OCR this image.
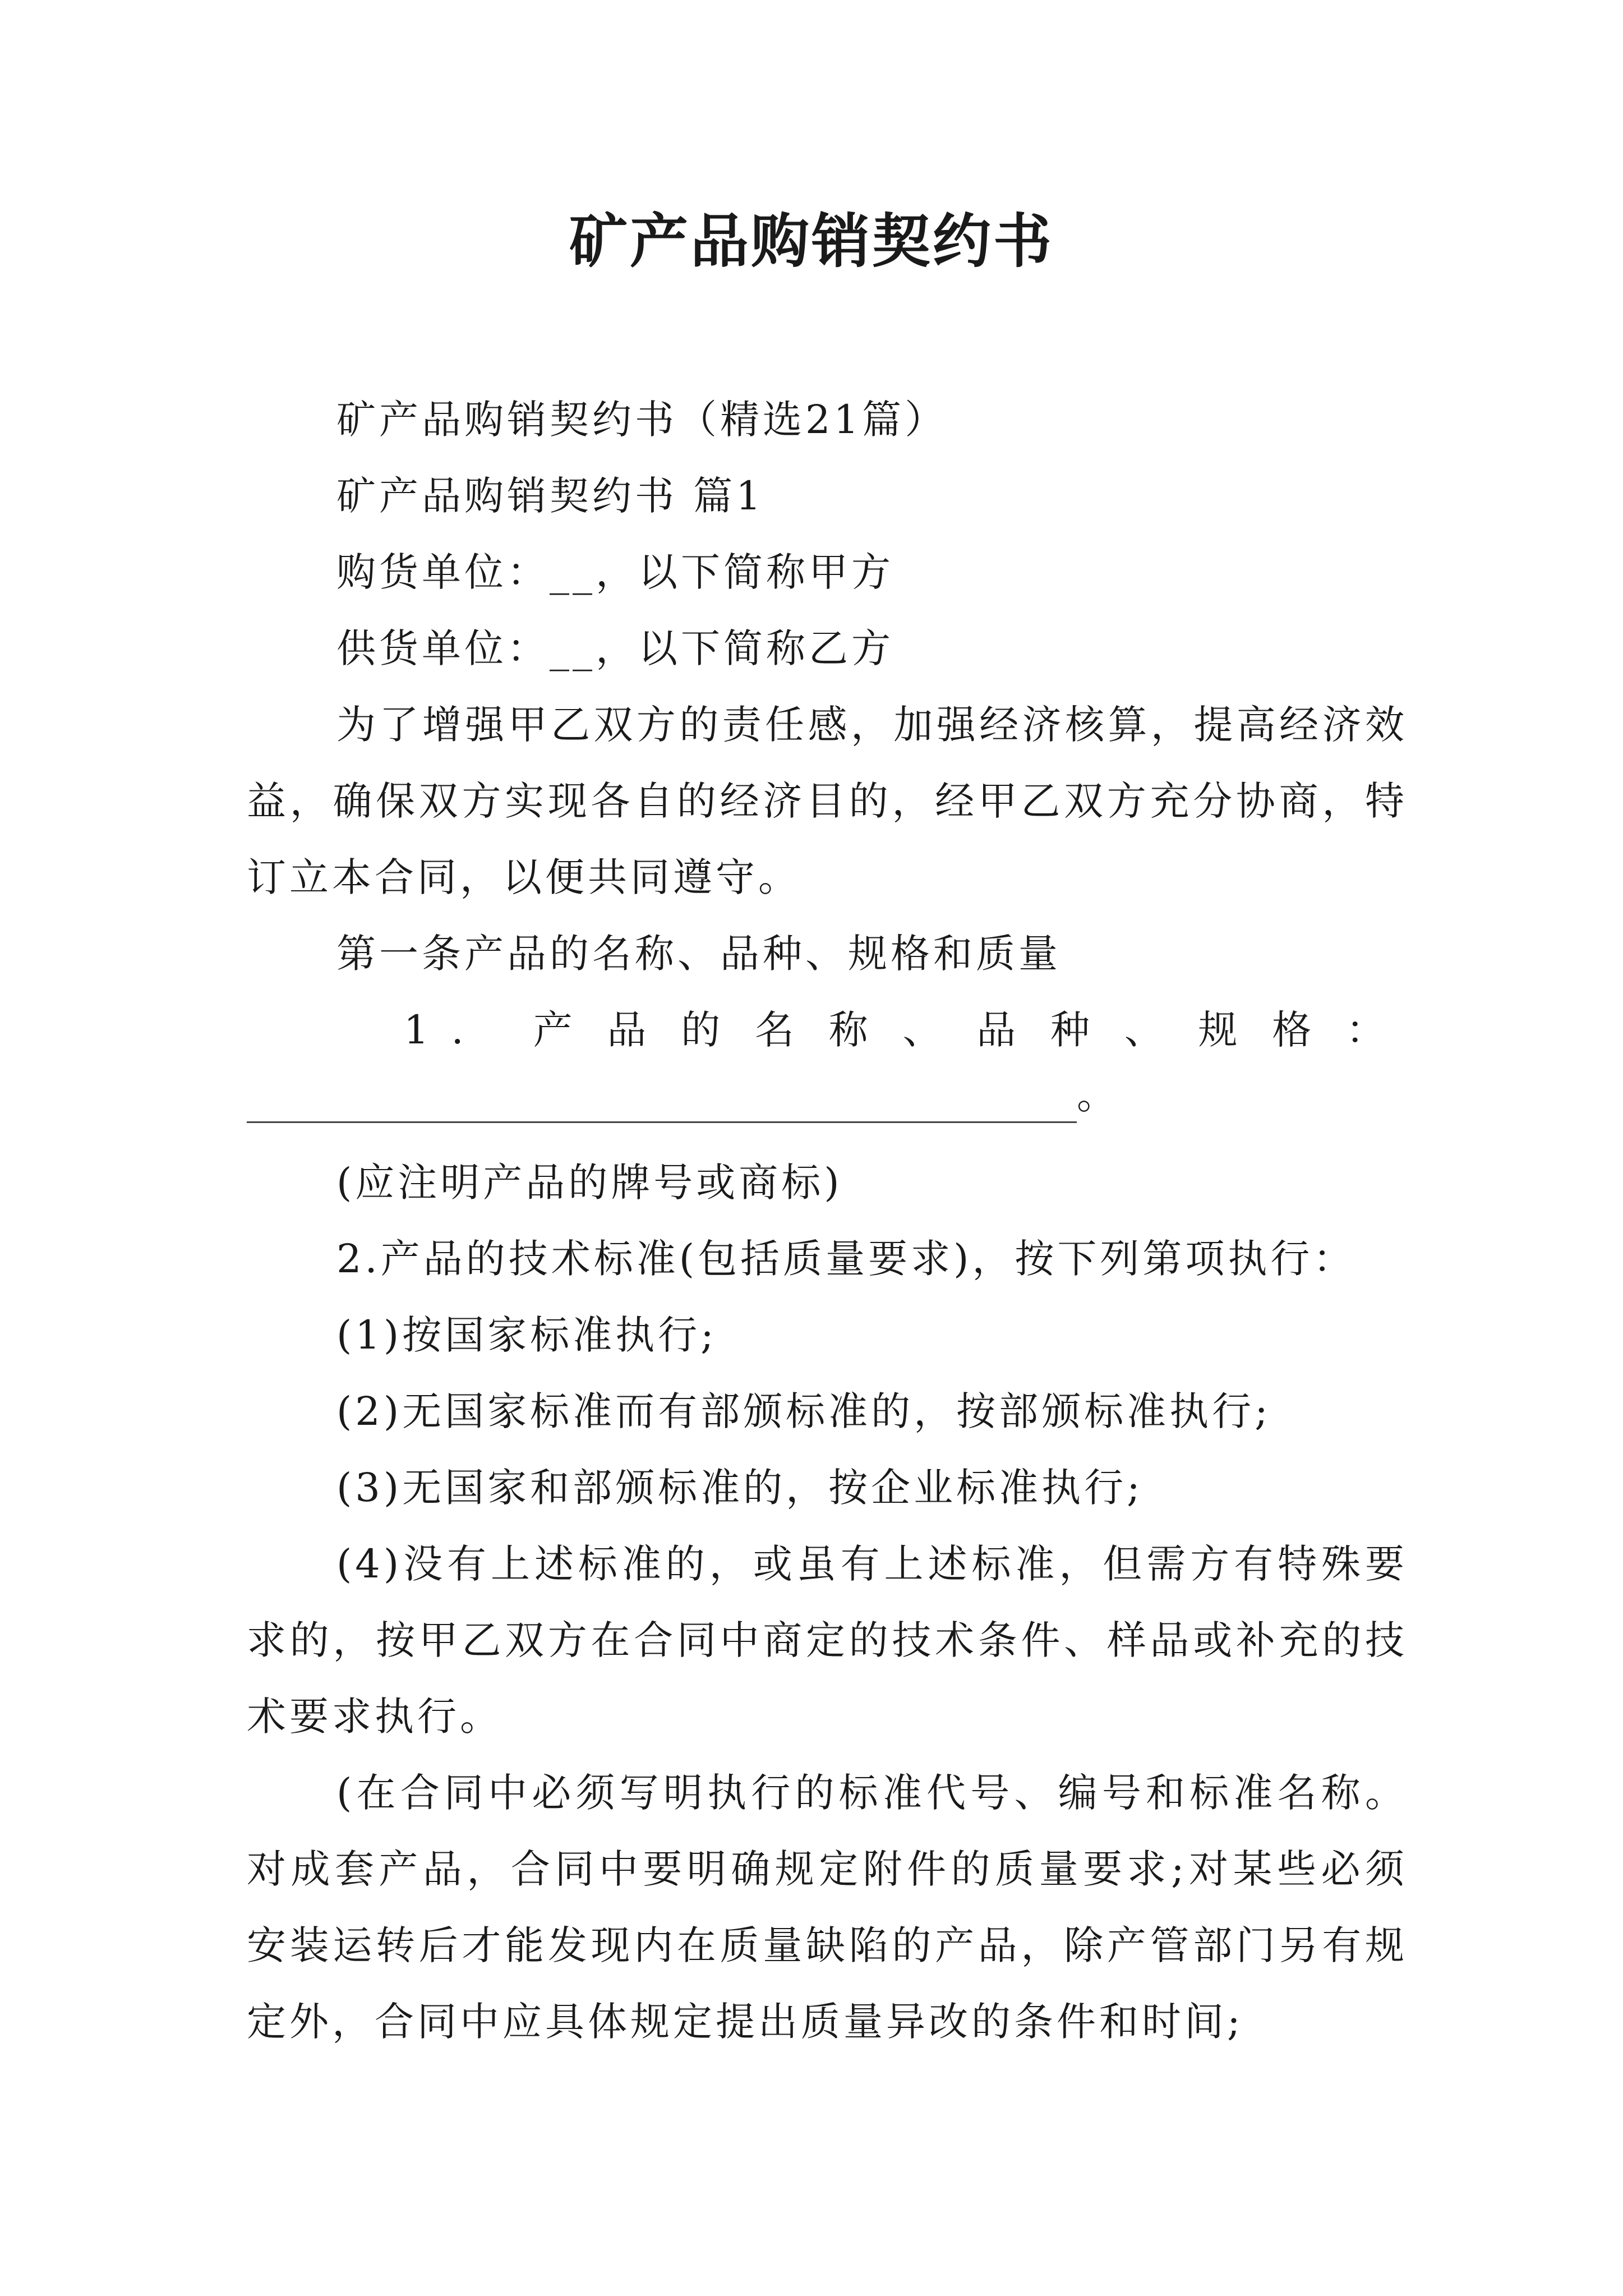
矿产品购销契约书

矿产品购销契约书（精选21篇）

矿产品购销契约书 篇1

购货单位：__，以下简称甲方

供货单位：__，以下简称乙方

为了增强甲乙双方的责任感，加强经济核算，提高经济效益，确保双方实现各自的经济目的，经甲乙双方充分协商，特订立本合同，以便共同遵守。

第一条产品的名称、品种、规格和质量

1. 产品的名称、品种、规格：

。

(应注明产品的牌号或商标)

2.产品的技术标准(包括质量要求)，按下列第项执行：

(1)按国家标准执行;

(2)无国家标准而有部颁标准的，按部颁标准执行;

(3)无国家和部颁标准的，按企业标准执行;

(4)没有上述标准的，或虽有上述标准，但需方有特殊要求的，按甲乙双方在合同中商定的技术条件、样品或补充的技术要求执行。

(在合同中必须写明执行的标准代号、编号和标准名称。对成套产品，合同中要明确规定附件的质量要求;对某些必须安装运转后才能发现内在质量缺陷的产品，除产管部门另有规定外，合同中应具体规定提出质量异改的条件和时间;
